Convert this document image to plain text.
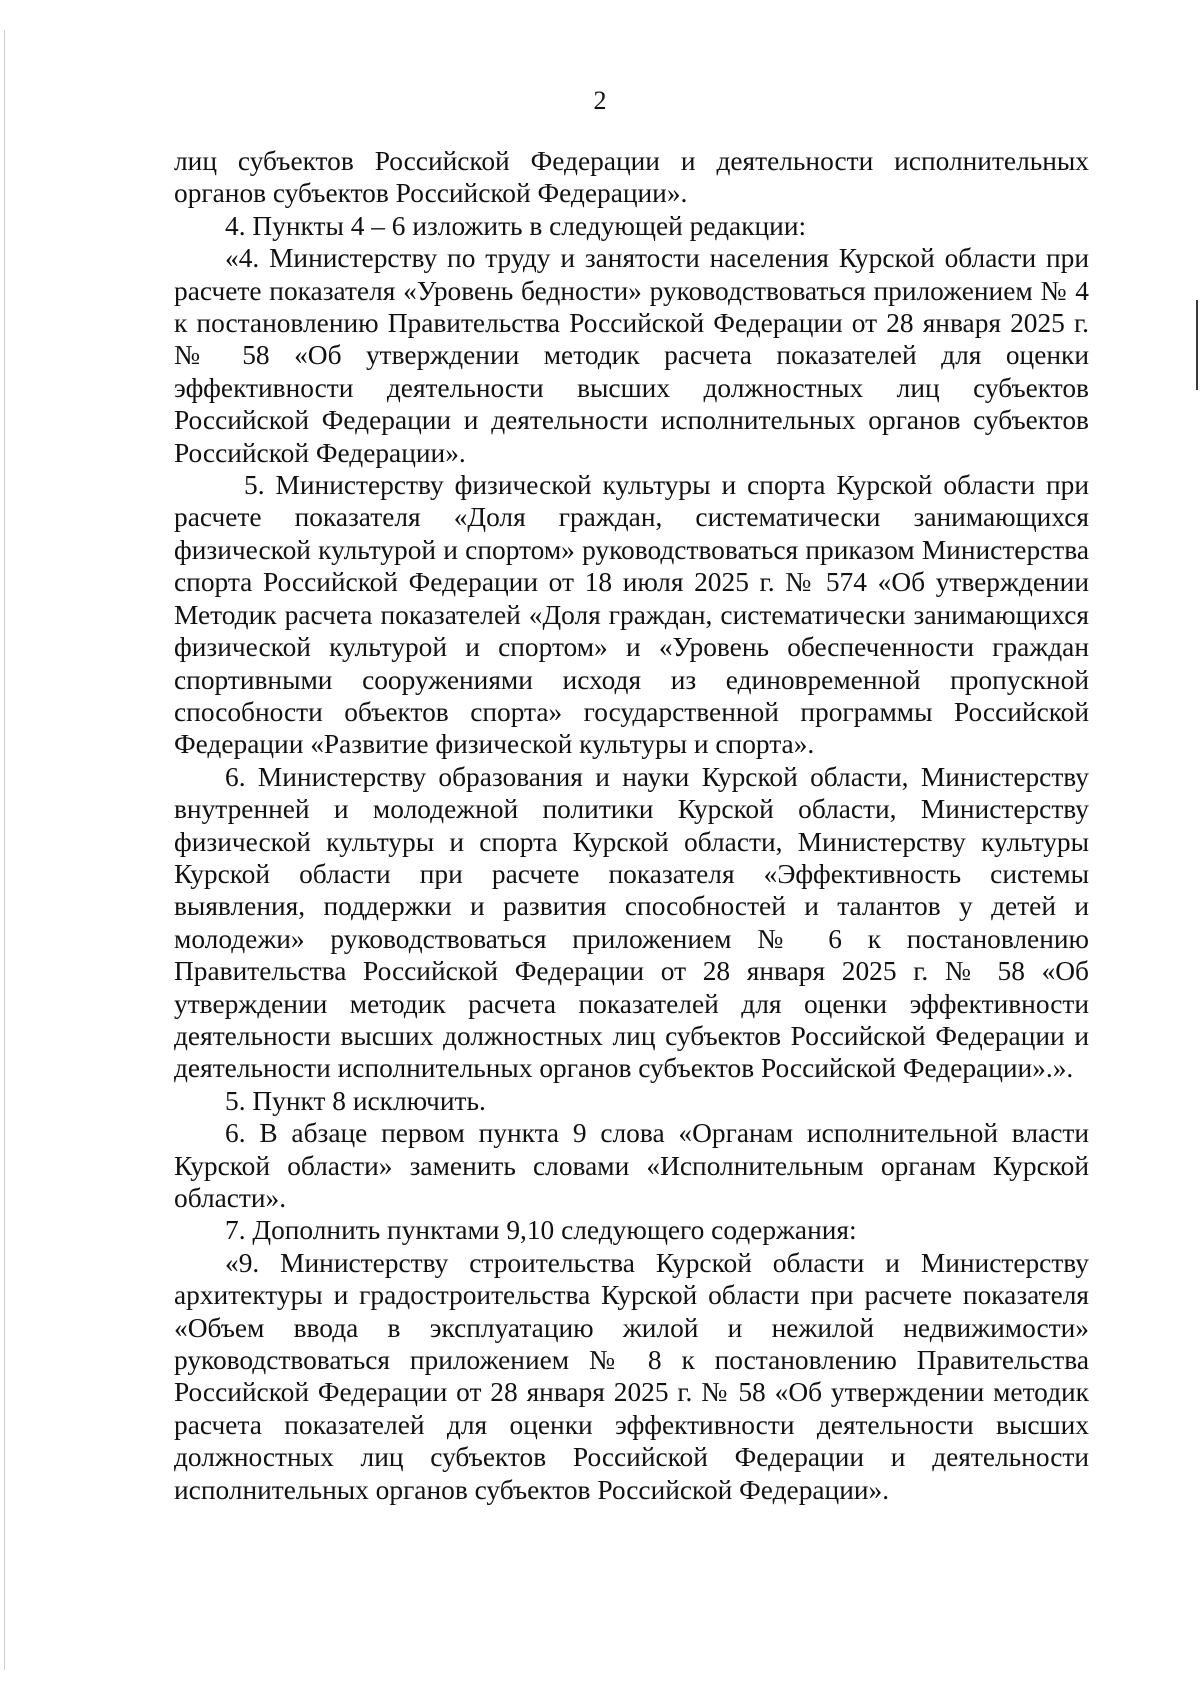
2

лиц субъектов Российской Федерации и деятельности исполнительных органов субъектов Российской Федерации».

4. Пункты 4 – 6 изложить в следующей редакции:

«4. Министерству по труду и занятости населения Курской области при расчете показателя «Уровень бедности» руководствоваться приложением № 4 к постановлению Правительства Российской Федерации от 28 января 2025 г. № 58 «Об утверждении методик расчета показателей для оценки эффективности деятельности высших должностных лиц субъектов Российской Федерации и деятельности исполнительных органов субъектов Российской Федерации».

5. Министерству физической культуры и спорта Курской области при расчете показателя «Доля граждан, систематически занимающихся физической культурой и спортом» руководствоваться приказом Министерства спорта Российской Федерации от 18 июля 2025 г. № 574 «Об утверждении Методик расчета показателей «Доля граждан, систематически занимающихся физической культурой и спортом» и «Уровень обеспеченности граждан спортивными сооружениями исходя из единовременной пропускной способности объектов спорта» государственной программы Российской Федерации «Развитие физической культуры и спорта».

6. Министерству образования и науки Курской области, Министерству внутренней и молодежной политики Курской области, Министерству физической культуры и спорта Курской области, Министерству культуры Курской области при расчете показателя «Эффективность системы выявления, поддержки и развития способностей и талантов у детей и молодежи» руководствоваться приложением № 6 к постановлению Правительства Российской Федерации от 28 января 2025 г. № 58 «Об утверждении методик расчета показателей для оценки эффективности деятельности высших должностных лиц субъектов Российской Федерации и деятельности исполнительных органов субъектов Российской Федерации».».

5. Пункт 8 исключить.

6. В абзаце первом пункта 9 слова «Органам исполнительной власти Курской области» заменить словами «Исполнительным органам Курской области».

7. Дополнить пунктами 9,10 следующего содержания:

«9. Министерству строительства Курской области и Министерству архитектуры и градостроительства Курской области при расчете показателя «Объем ввода в эксплуатацию жилой и нежилой недвижимости» руководствоваться приложением № 8 к постановлению Правительства Российской Федерации от 28 января 2025 г. № 58 «Об утверждении методик расчета показателей для оценки эффективности деятельности высших должностных лиц субъектов Российской Федерации и деятельности исполнительных органов субъектов Российской Федерации».
